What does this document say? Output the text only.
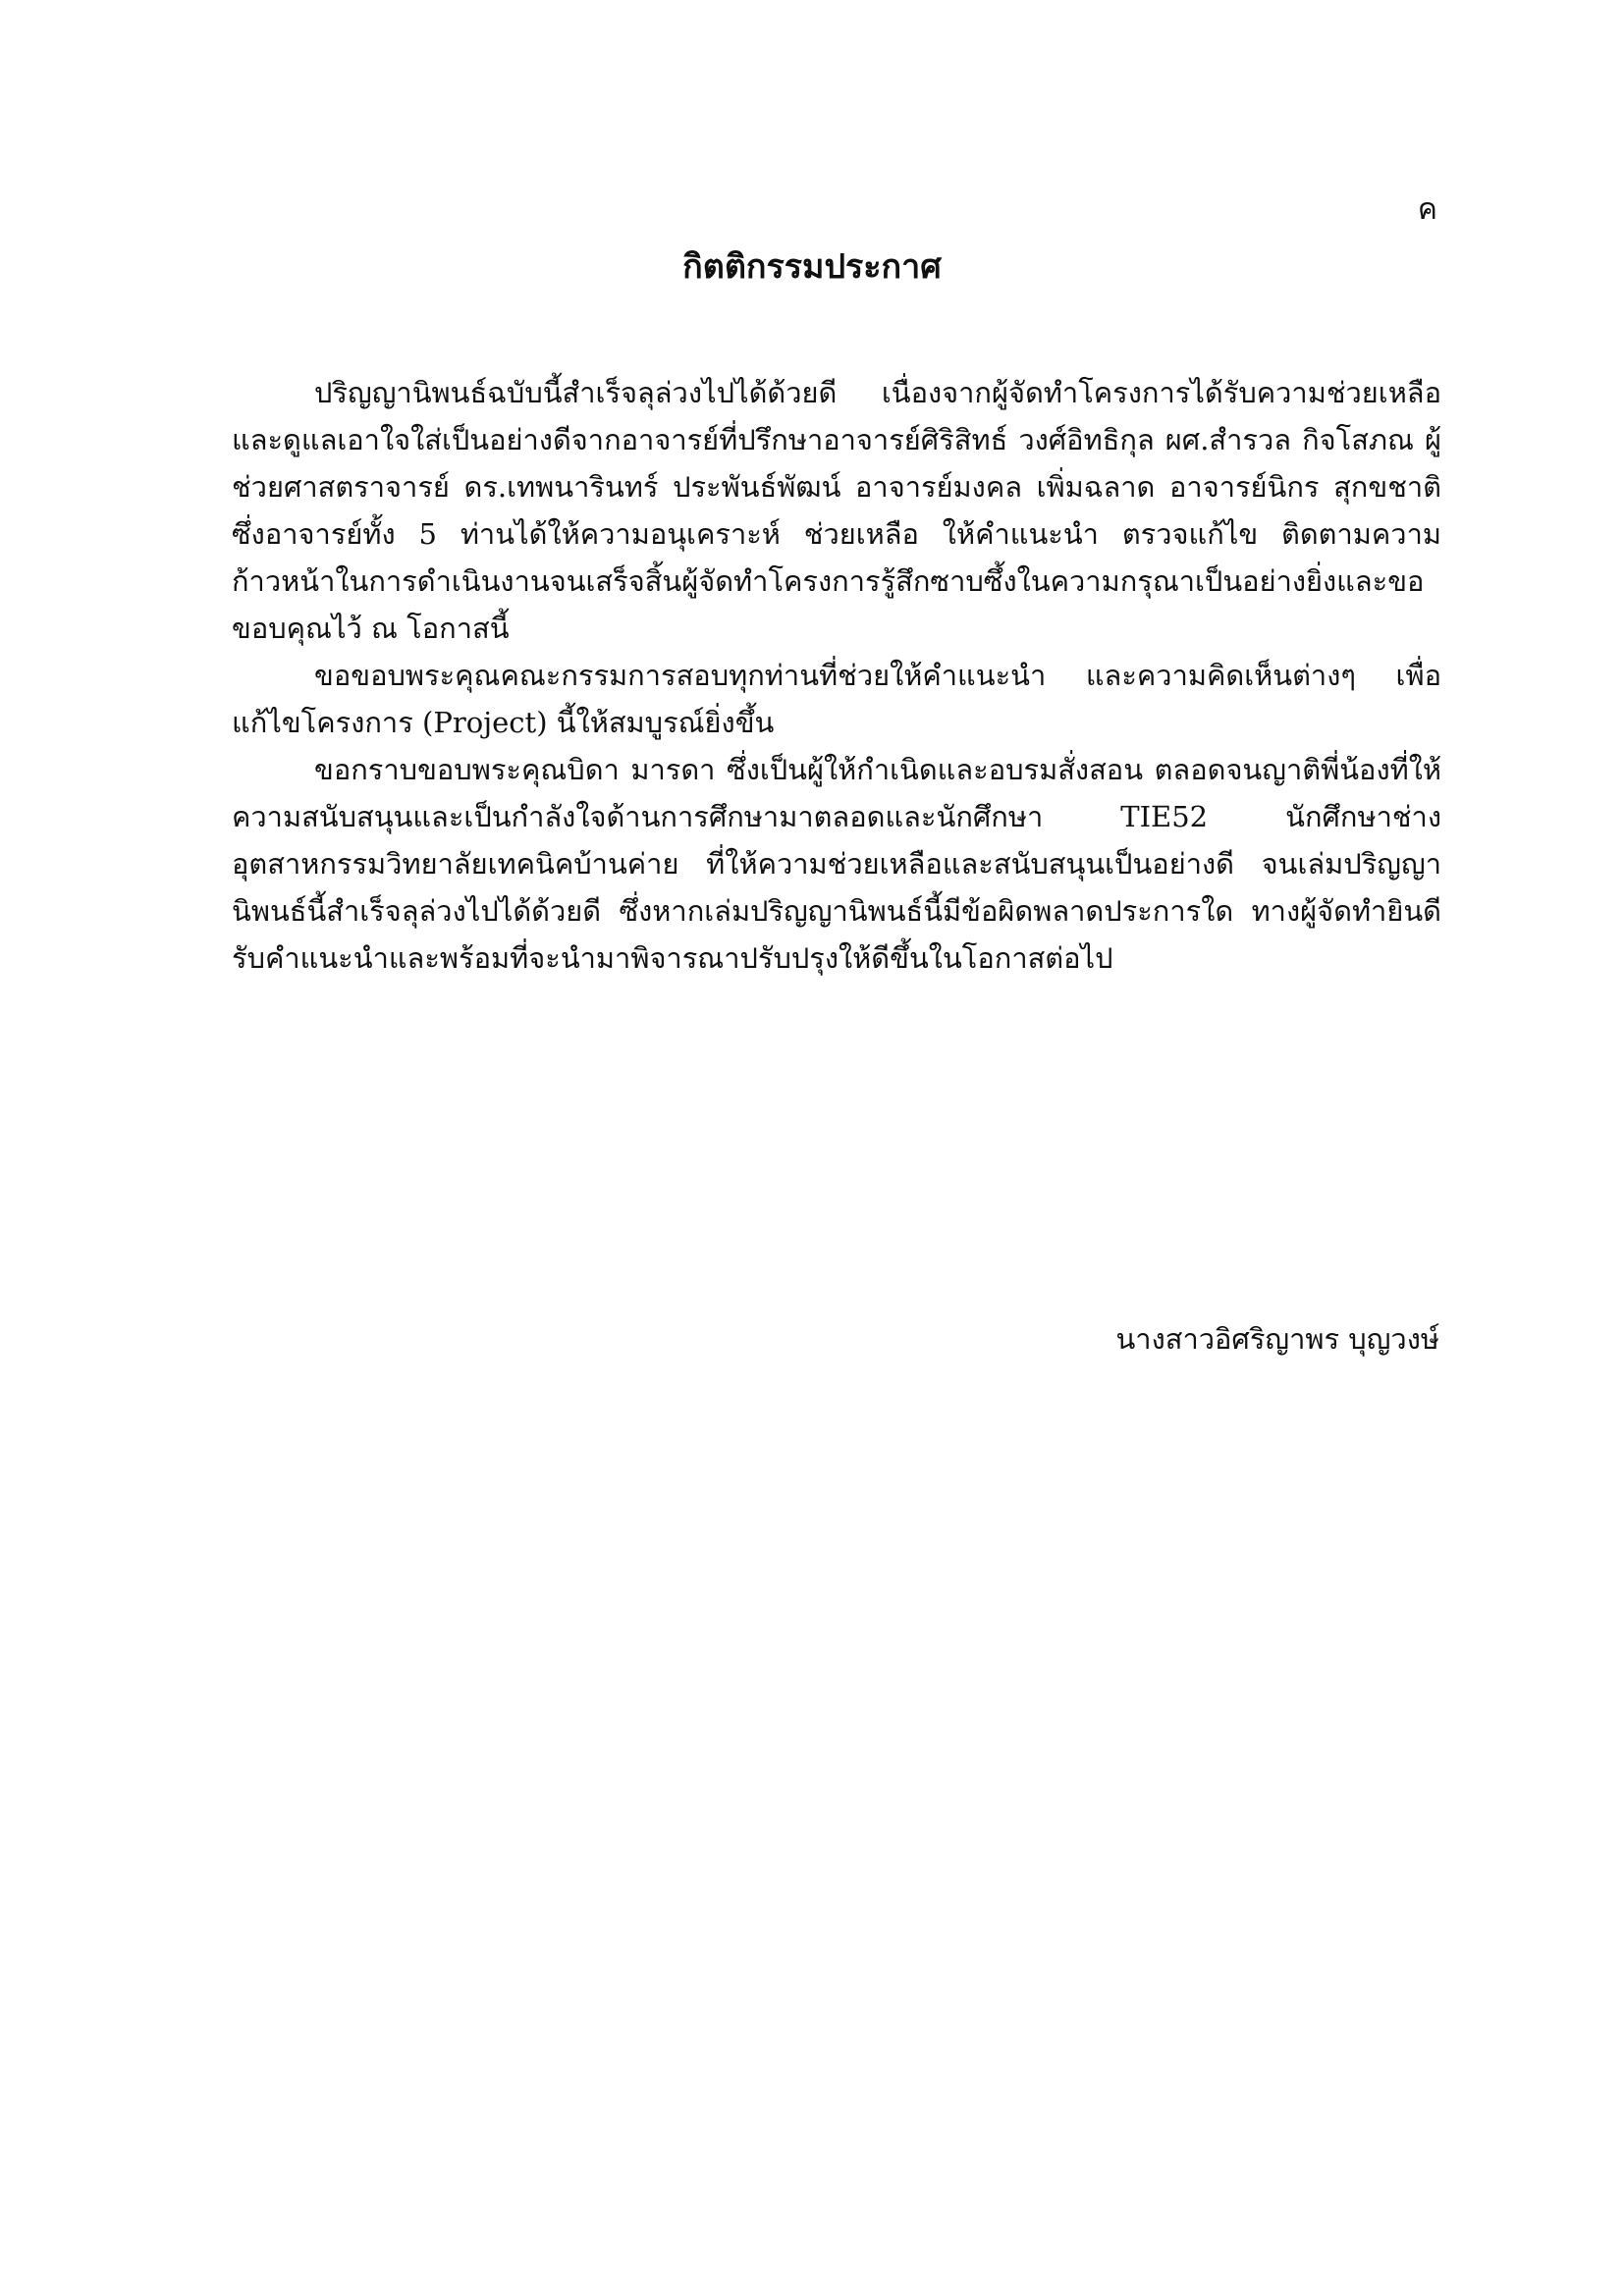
ค
กิตติกรรมประกาศ

ปริญญานิพนธ์ฉบับนี้สำเร็จลุล่วงไปได้ด้วยดี เนื่องจากผู้จัดทำโครงการได้รับความช่วยเหลือ และดูแลเอาใจใส่เป็นอย่างดีจากอาจารย์ที่ปรึกษาอาจารย์ศิริสิทธ์ วงศ์อิทธิกุล ผศ.สำรวล กิจโสภณ ผู้ช่วยศาสตราจารย์ ดร.เทพนารินทร์ ประพันธ์พัฒน์ อาจารย์มงคล เพิ่มฉลาด อาจารย์นิกร สุกขชาติ ซึ่งอาจารย์ทั้ง 5 ท่านได้ให้ความอนุเคราะห์ ช่วยเหลือ ให้คำแนะนำ ตรวจแก้ไข ติดตามความก้าวหน้าในการดำเนินงานจนเสร็จสิ้นผู้จัดทำโครงการรู้สึกซาบซึ้งในความกรุณาเป็นอย่างยิ่งและขอขอบคุณไว้ ณ โอกาสนี้

ขอขอบพระคุณคณะกรรมการสอบทุกท่านที่ช่วยให้คำแนะนำ และความคิดเห็นต่างๆ เพื่อแก้ไขโครงการ (Project) นี้ให้สมบูรณ์ยิ่งขึ้น

ขอกราบขอบพระคุณบิดา มารดา ซึ่งเป็นผู้ให้กำเนิดและอบรมสั่งสอน ตลอดจนญาติพี่น้องที่ให้ความสนับสนุนและเป็นกำลังใจด้านการศึกษามาตลอดและนักศึกษา TIE52 นักศึกษาช่างอุตสาหกรรมวิทยาลัยเทคนิคบ้านค่าย ที่ให้ความช่วยเหลือและสนับสนุนเป็นอย่างดี จนเล่มปริญญานิพนธ์นี้สำเร็จลุล่วงไปได้ด้วยดี ซึ่งหากเล่มปริญญานิพนธ์นี้มีข้อผิดพลาดประการใด ทางผู้จัดทำยินดีรับคำแนะนำและพร้อมที่จะนำมาพิจารณาปรับปรุงให้ดีขึ้นในโอกาสต่อไป

นางสาวอิศริญาพร บุญวงษ์
